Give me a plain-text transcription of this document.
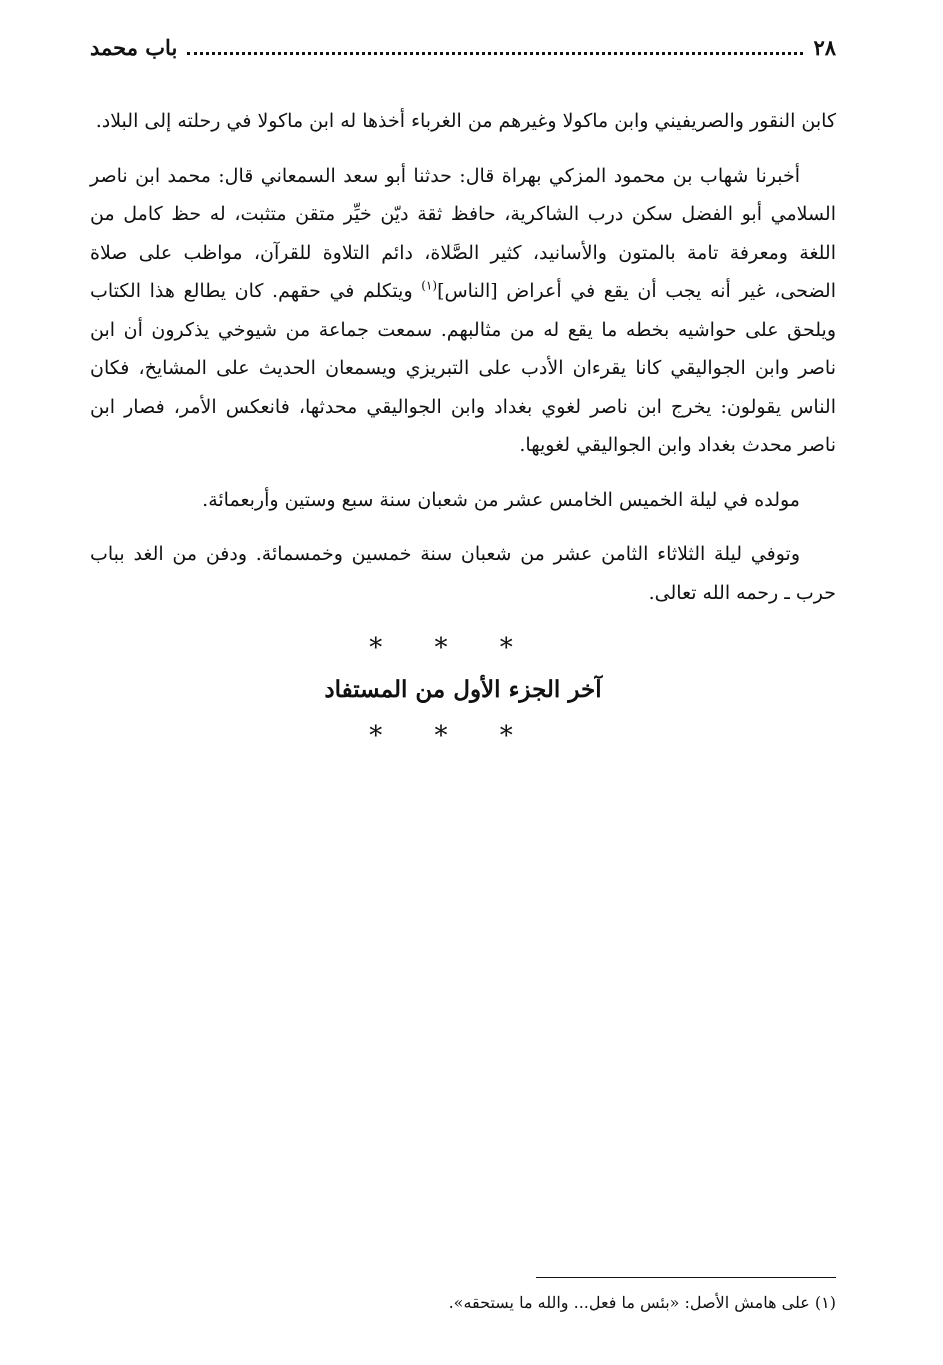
٢٨
باب محمد

كابن النقور والصريفيني وابن ماكولا وغيرهم من الغرباء أخذها له ابن ماكولا في رحلته إلى البلاد.

أخبرنا شهاب بن محمود المزكي بهراة قال: حدثنا أبو سعد السمعاني قال: محمد ابن ناصر السلامي أبو الفضل سكن درب الشاكرية، حافظ ثقة ديّن خيِّر متقن متثبت، له حظ كامل من اللغة ومعرفة تامة بالمتون والأسانيد، كثير الصَّلاة، دائم التلاوة للقرآن، مواظب على صلاة الضحى، غير أنه يجب أن يقع في أعراض [الناس]$^{(١)}$ ويتكلم في حقهم. كان يطالع هذا الكتاب ويلحق على حواشيه بخطه ما يقع له من مثالبهم. سمعت جماعة من شيوخي يذكرون أن ابن ناصر وابن الجواليقي كانا يقرءان الأدب على التبريزي ويسمعان الحديث على المشايخ، فكان الناس يقولون: يخرج ابن ناصر لغوي بغداد وابن الجواليقي محدثها، فانعكس الأمر، فصار ابن ناصر محدث بغداد وابن الجواليقي لغويها.

مولده في ليلة الخميس الخامس عشر من شعبان سنة سبع وستين وأربعمائة.

وتوفي ليلة الثلاثاء الثامن عشر من شعبان سنة خمسين وخمسمائة. ودفن من الغد بباب حرب ـ رحمه الله تعالى.

* * *
آخر الجزء الأول من المستفاد
* * *
(١) على هامش الأصل: «بئس ما فعل... والله ما يستحقه».
